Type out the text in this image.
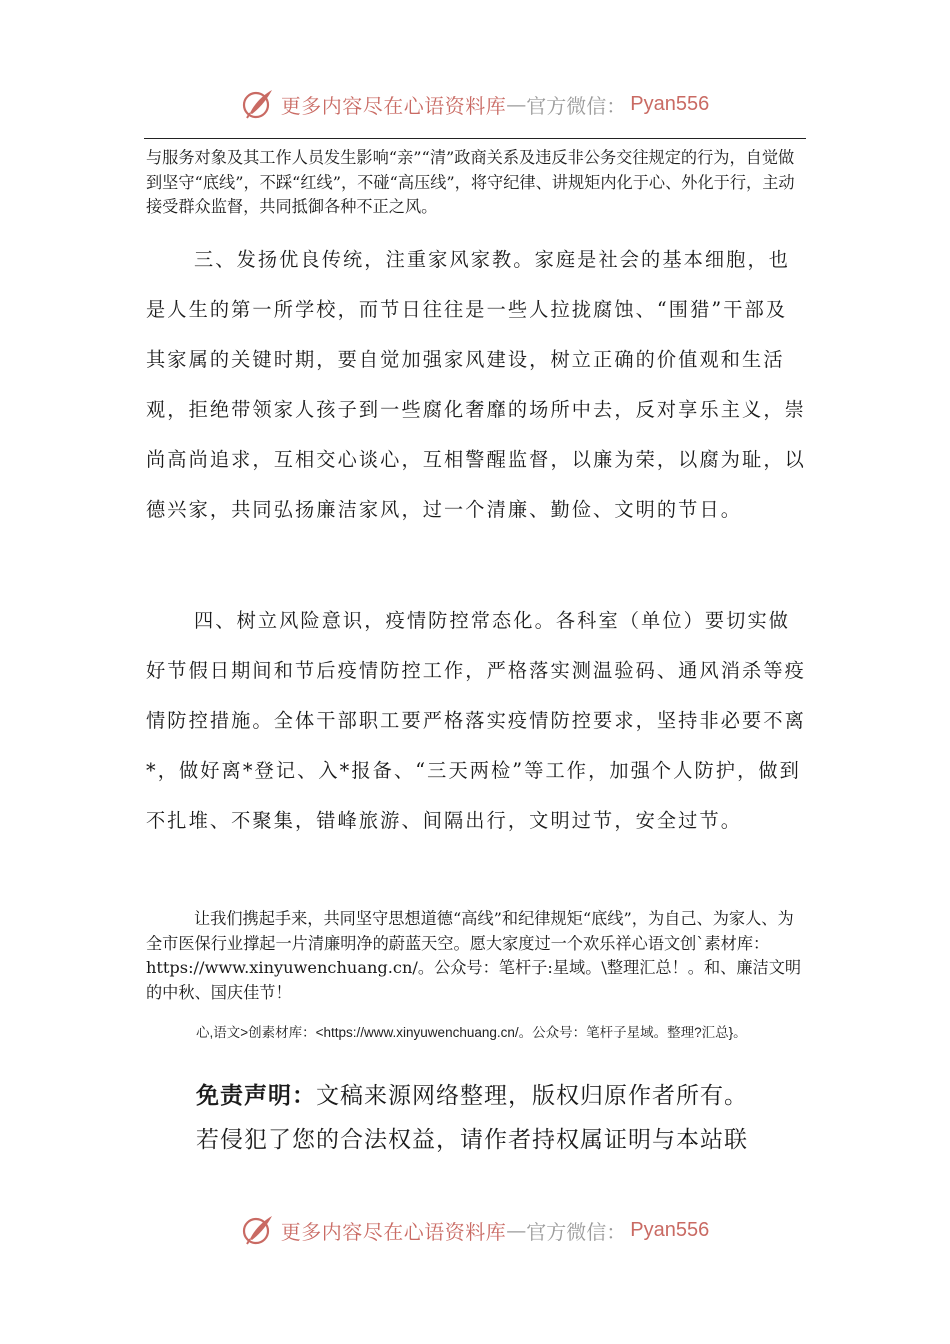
更多内容尽在心语资料库 — 官方微信： Pyan556

与服务对象及其工作人员发生影响“亲”“清”政商关系及违反非公务交往规定的行为，自觉做到坚守“底线”，不踩“红线”，不碰“高压线”，将守纪律、讲规矩内化于心、外化于行，主动接受群众监督，共同抵御各种不正之风。

三、发扬优良传统，注重家风家教。家庭是社会的基本细胞，也是人生的第一所学校，而节日往往是一些人拉拢腐蚀、“围猎”干部及其家属的关键时期，要自觉加强家风建设，树立正确的价值观和生活观，拒绝带领家人孩子到一些腐化奢靡的场所中去，反对享乐主义，崇尚高尚追求，互相交心谈心，互相警醒监督，以廉为荣，以腐为耻，以德兴家，共同弘扬廉洁家风，过一个清廉、勤俭、文明的节日。

四、树立风险意识，疫情防控常态化。各科室（单位）要切实做好节假日期间和节后疫情防控工作，严格落实测温验码、通风消杀等疫情防控措施。全体干部职工要严格落实疫情防控要求，坚持非必要不离*，做好离*登记、入*报备、“三天两检”等工作，加强个人防护，做到不扎堆、不聚集，错峰旅游、间隔出行，文明过节，安全过节。

让我们携起手来，共同坚守思想道德“高线”和纪律规矩“底线”，为自己、为家人、为全市医保行业撑起一片清廉明净的蔚蓝天空。愿大家度过一个欢乐祥心语文创`素材库：https://www.xinyuwenchuang.cn/。公众号：笔杆子:星域。\整理汇总！。和、廉洁文明的中秋、国庆佳节！

心,语文>创素材库：<https://www.xinyuwenchuang.cn/。公众号：笔杆子星域。整理?汇总}。

免责声明：文稿来源网络整理，版权归原作者所有。
若侵犯了您的合法权益，请作者持权属证明与本站联
更多内容尽在心语资料库 — 官方微信： Pyan556
